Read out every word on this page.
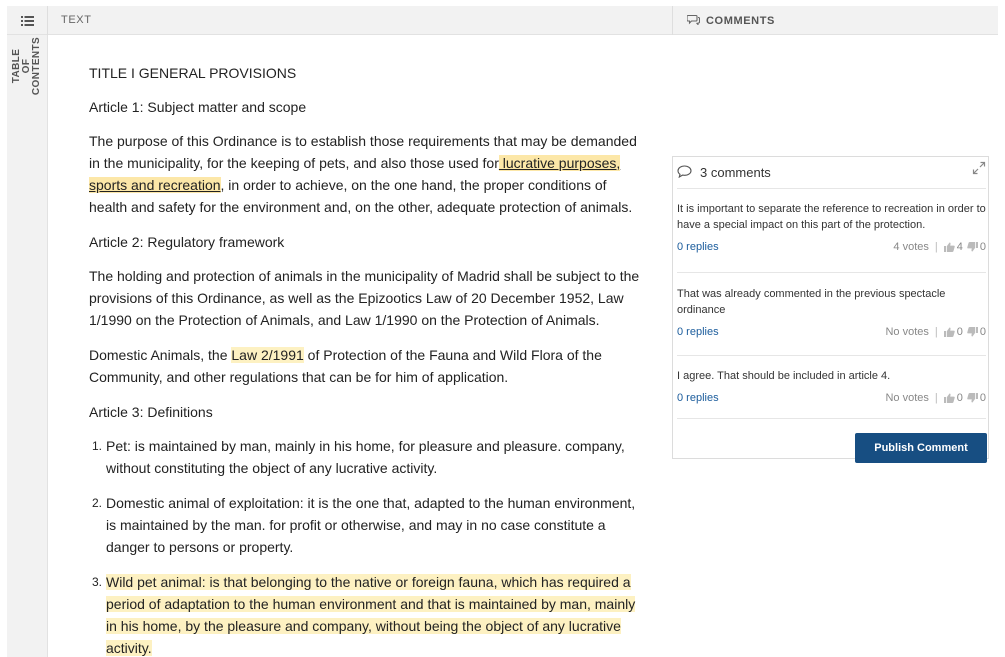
TEXT	COMMENTS
TABLE OF CONTENTS	TITLE I GENERAL PROVISIONS

Article 1: Subject matter and scope

The purpose of this Ordinance is to establish those requirements that may be demanded in the municipality, for the keeping of pets, and also those used for lucrative purposes, sports and recreation, in order to achieve, on the one hand, the proper conditions of health and safety for the environment and, on the other, adequate protection of animals.

Article 2: Regulatory framework

The holding and protection of animals in the municipality of Madrid shall be subject to the provisions of this Ordinance, as well as the Epizootics Law of 20 December 1952, Law 1/1990 on the Protection of Animals, and Law 1/1990 on the Protection of Animals.

Domestic Animals, the Law 2/1991 of Protection of the Fauna and Wild Flora of the Community, and other regulations that can be for him of application.

Article 3: Definitions

1. Pet: is maintained by man, mainly in his home, for pleasure and pleasure. company, without constituting the object of any lucrative activity.
2. Domestic animal of exploitation: it is the one that, adapted to the human environment, is maintained by the man. for profit or otherwise, and may in no case constitute a danger to persons or property.
3. Wild pet animal: is that belonging to the native or foreign fauna, which has required a period of adaptation to the human environment and that is maintained by man, mainly in his home, by the pleasure and company, without being the object of any lucrative activity.
3 comments
It is important to separate the reference to recreation in order to have a special impact on this part of the protection.
0 replies	4 votes | 4 0
That was already commented in the previous spectacle ordinance
0 replies	No votes | 0 0
I agree. That should be included in article 4.
0 replies	No votes | 0 0
Publish Comment
